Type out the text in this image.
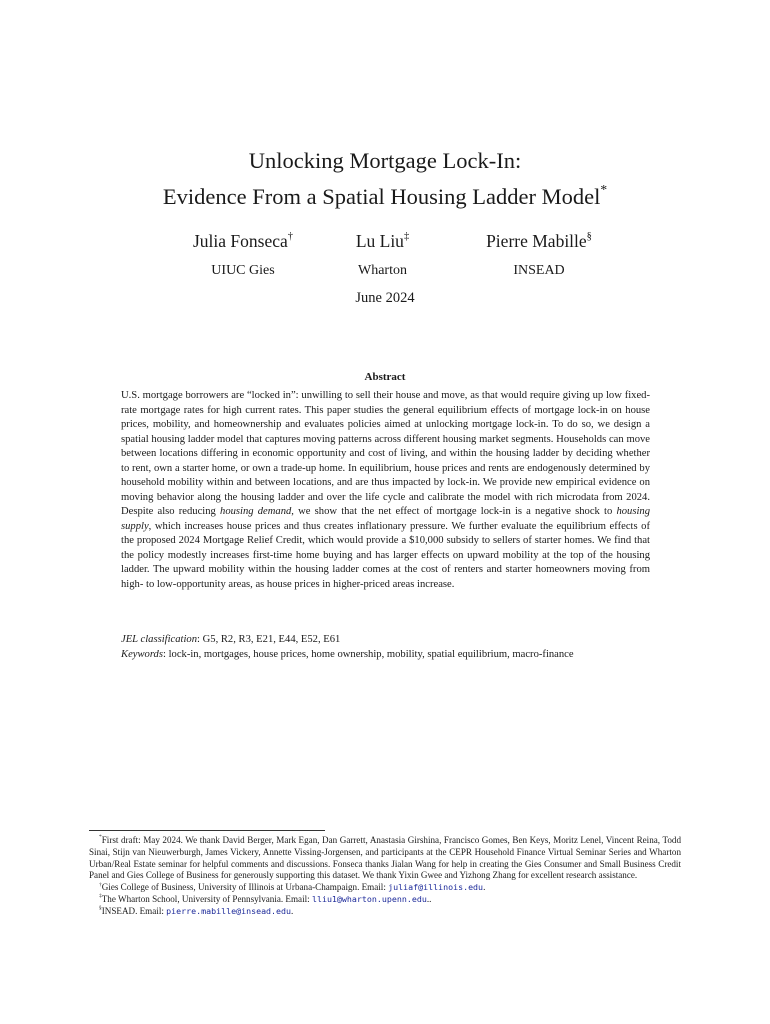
Unlocking Mortgage Lock-In:
Evidence From a Spatial Housing Ladder Model*
Julia Fonseca†
UIUC Gies
Lu Liu‡
Wharton
Pierre Mabille§
INSEAD
June 2024
Abstract

U.S. mortgage borrowers are “locked in”: unwilling to sell their house and move, as that would require giving up low fixed-rate mortgage rates for high current rates. This paper studies the general equilibrium effects of mortgage lock-in on house prices, mobility, and homeownership and evaluates policies aimed at unlocking mortgage lock-in. To do so, we design a spatial housing ladder model that captures moving patterns across different housing market segments. Households can move between locations differing in economic opportunity and cost of living, and within the housing ladder by deciding whether to rent, own a starter home, or own a trade-up home. In equilibrium, house prices and rents are endogenously determined by household mobility within and between locations, and are thus impacted by lock-in. We provide new empirical evidence on moving behavior along the housing ladder and over the life cycle and calibrate the model with rich microdata from 2024. Despite also reducing housing demand, we show that the net effect of mortgage lock-in is a negative shock to housing supply, which increases house prices and thus creates inflationary pressure. We further evaluate the equilibrium effects of the proposed 2024 Mortgage Relief Credit, which would provide a $10,000 subsidy to sellers of starter homes. We find that the policy modestly increases first-time home buying and has larger effects on upward mobility at the top of the housing ladder. The upward mobility within the housing ladder comes at the cost of renters and starter homeowners moving from high- to low-opportunity areas, as house prices in higher-priced areas increase.

JEL classification: G5, R2, R3, E21, E44, E52, E61
Keywords: lock-in, mortgages, house prices, home ownership, mobility, spatial equilibrium, macro-finance

*First draft: May 2024. We thank David Berger, Mark Egan, Dan Garrett, Anastasia Girshina, Francisco Gomes, Ben Keys, Moritz Lenel, Vincent Reina, Todd Sinai, Stijn van Nieuwerburgh, James Vickery, Annette Vissing-Jorgensen, and participants at the CEPR Household Finance Virtual Seminar Series and Wharton Urban/Real Estate seminar for helpful comments and discussions. Fonseca thanks Jialan Wang for help in creating the Gies Consumer and Small Business Credit Panel and Gies College of Business for generously supporting this dataset. We thank Yixin Gwee and Yizhong Zhang for excellent research assistance.

†Gies College of Business, University of Illinois at Urbana-Champaign. Email: juliaf@illinois.edu.

‡The Wharton School, University of Pennsylvania. Email: lliu1@wharton.upenn.edu..

§INSEAD. Email: pierre.mabille@insead.edu.
